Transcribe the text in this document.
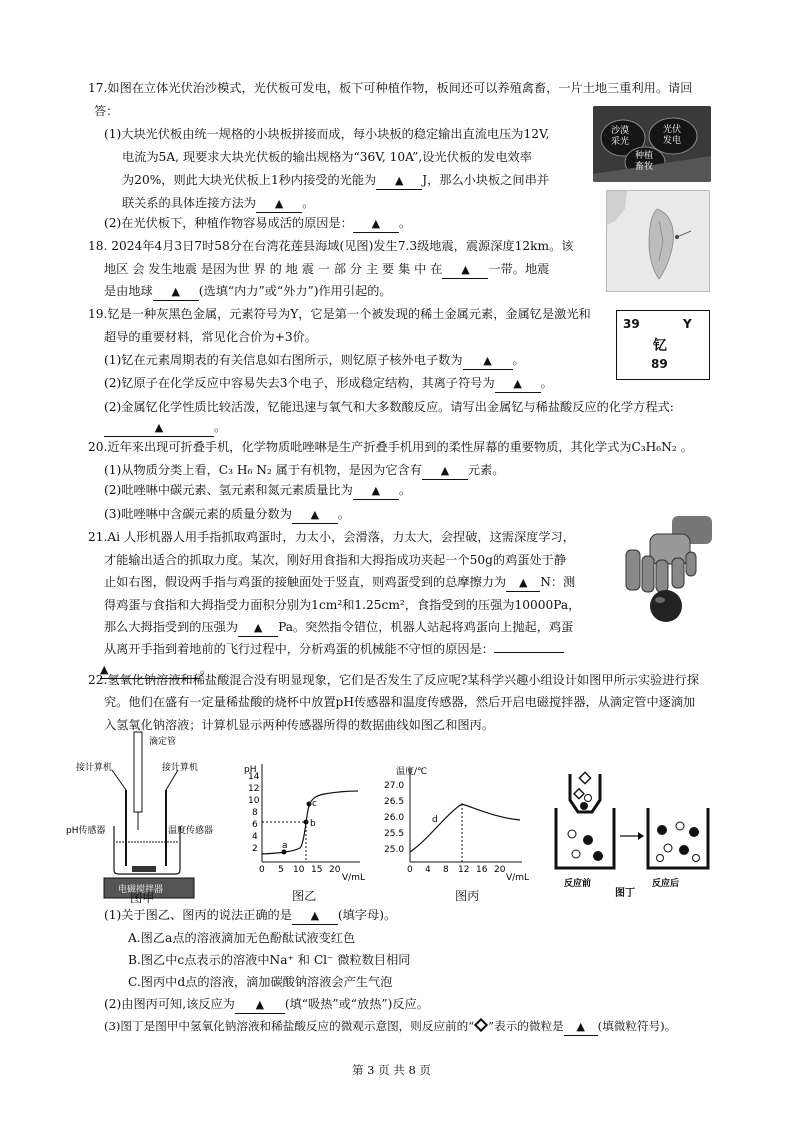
17.如图在立体光伏治沙模式，光伏板可发电，板下可种植作物，板间还可以养殖禽畜，一片土地三重利用。请回
答：
(1)大块光伏板由统一规格的小块板拼接而成，每小块板的稳定输出直流电压为12V,
电流为5A, 现要求大块光伏板的输出规格为“36V, 10A”,设光伏板的发电效率
为20%，则此大块光伏板上1秒内接受的光能为 ▲ J，那么小块板之间串并
联关系的具体连接方法为 ▲ 。
(2)在光伏板下，种植作物容易成活的原因是： ▲ 。
沙漠
采光
光伏
发电
种植
畜牧
18. 2024年4月3日7时58分在台湾花莲县海域(见图)发生7.3级地震，震源深度12km。该
地区 会 发生地震 是因为世 界 的 地 震 一 部 分 主 要 集 中 在 ▲ 一带。地震
是由地球 ▲ (选填“内力”或“外力”)作用引起的。
19.钇是一种灰黑色金属，元素符号为Y，它是第一个被发现的稀土金属元素，金属钇是激光和
超导的重要材料，常见化合价为+3价。
(1)钇在元素周期表的有关信息如右图所示，则钇原子核外电子数为 ▲ 。
(2)钇原子在化学反应中容易失去3个电子，形成稳定结构，其离子符号为 ▲ 。
(2)金属钇化学性质比较活泼，钇能迅速与氧气和大多数酸反应。请写出金属钇与稀盐酸反应的化学方程式:
▲	。
39	Y
钇
89
20.近年来出现可折叠手机，化学物质吡唑啉是生产折叠手机用到的柔性屏幕的重要物质，其化学式为C₃H₆N₂ 。
(1)从物质分类上看，C₃ H₆ N₂ 属于有机物，是因为它含有 ▲ 元素。
(2)吡唑啉中碳元素、氢元素和氮元素质量比为 ▲ 。
(3)吡唑啉中含碳元素的质量分数为 ▲ 。
21.Ai 人形机器人用手指抓取鸡蛋时，力太小，会滑落，力太大，会捏破，这需深度学习，
才能输出适合的抓取力度。某次，刚好用食指和大拇指成功夹起一个50g的鸡蛋处于静
止如右图，假设两手指与鸡蛋的接触面处于竖直，则鸡蛋受到的总摩擦力为 ▲ N：测
得鸡蛋与食指和大拇指受力面积分别为1cm²和1.25cm²，食指受到的压强为10000Pa，
那么大拇指受到的压强为 ▲ Pa。突然指令错位，机器人站起将鸡蛋向上抛起，鸡蛋
从离开手指到着地前的飞行过程中，分析鸡蛋的机械能不守恒的原因是：
▲	。
22.氢氧化钠溶液和稀盐酸混合没有明显现象，它们是否发生了反应呢?某科学兴趣小组设计如图甲所示实验进行探
究。他们在盛有一定量稀盐酸的烧杯中放置pH传感器和温度传感器，然后开启电磁搅拌器，从滴定管中逐滴加
入氢氧化钠溶液；计算机显示两种传感器所得的数据曲线如图乙和图丙。
滴定管
接计算机	接计算机
pH传感器	温度传感器
电磁搅拌器
图甲
pH
V/mL
2
4
6
8
10
12
14
0 5 10 15 20
a
b
c
图乙
温度/℃
V/mL
25.0
25.5
26.0
26.5
27.0
0 4 8 12 16 20
d
图丙
反应前	反应后
图丁
(1)关于图乙、图丙的说法正确的是 ▲ (填字母)。
A.图乙a点的溶液滴加无色酚酞试液变红色
B.图乙中c点表示的溶液中Na⁺ 和 Cl⁻ 微粒数目相同
C.图丙中d点的溶液，滴加碳酸钠溶液会产生气泡
(2)由图丙可知,该反应为 ▲ (填“吸热”或“放热”)反应。
(3)图丁是图甲中氢氧化钠溶液和稀盐酸反应的微观示意图，则反应前的“ ”表示的微粒是 ▲ (填微粒符号)。
第 3 页 共 8 页
